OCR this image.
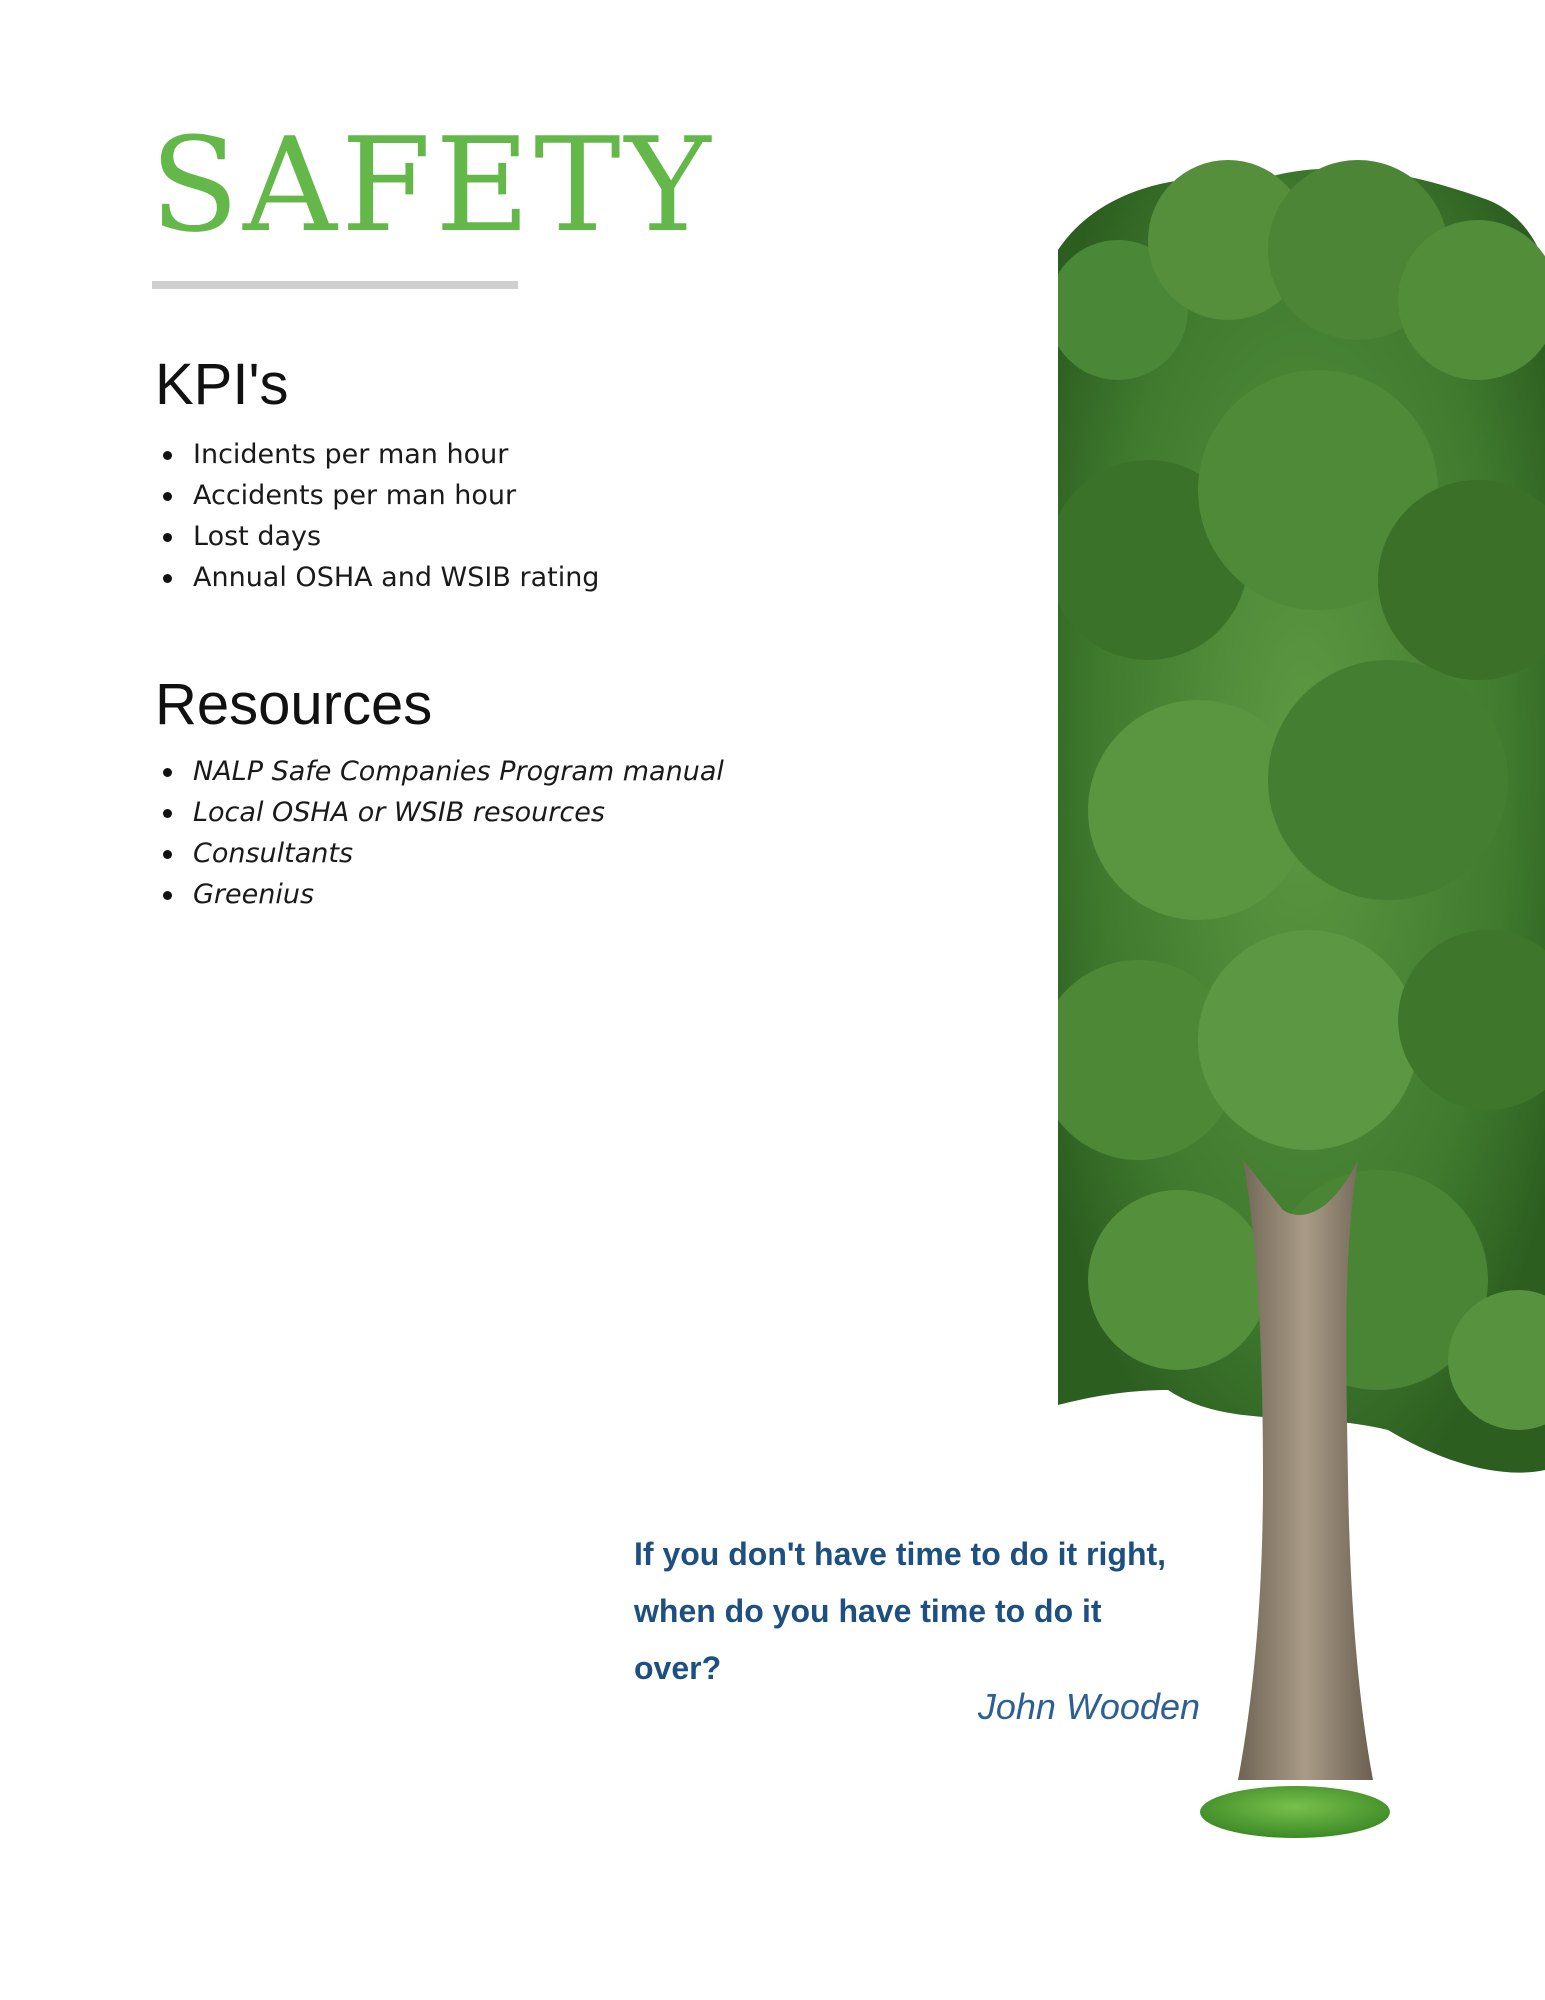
SAFETY
KPI's
Incidents per man hour
Accidents per man hour
Lost days
Annual OSHA and WSIB rating
Resources
NALP Safe Companies Program manual
Local OSHA or WSIB resources
Consultants
Greenius

If you don't have time to do it right,
when do you have time to do it
over?

John Wooden
